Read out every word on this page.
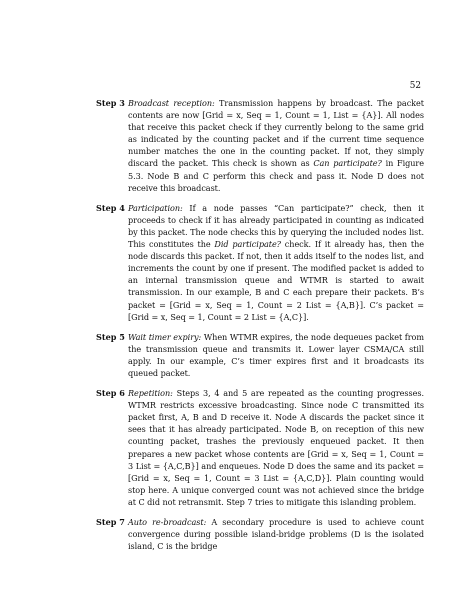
52
Step 3 Broadcast reception: Transmission happens by broadcast. The packet contents are now [Grid = x, Seq = 1, Count = 1, List = {A}]. All nodes that receive this packet check if they currently belong to the same grid as indicated by the counting packet and if the current time sequence number matches the one in the counting packet. If not, they simply discard the packet. This check is shown as Can participate? in Figure 5.3. Node B and C perform this check and pass it. Node D does not receive this broadcast.
Step 4 Participation: If a node passes “Can participate?” check, then it proceeds to check if it has already participated in counting as indicated by this packet. The node checks this by querying the included nodes list. This constitutes the Did participate? check. If it already has, then the node discards this packet. If not, then it adds itself to the nodes list, and increments the count by one if present. The modified packet is added to an internal transmission queue and WTMR is started to await transmission. In our example, B and C each prepare their packets. B’s packet = [Grid = x, Seq = 1, Count = 2 List = {A,B}]. C’s packet = [Grid = x, Seq = 1, Count = 2 List = {A,C}].
Step 5 Wait timer expiry: When WTMR expires, the node dequeues packet from the transmission queue and transmits it. Lower layer CSMA/CA still apply. In our example, C’s timer expires first and it broadcasts its queued packet.
Step 6 Repetition: Steps 3, 4 and 5 are repeated as the counting progresses. WTMR restricts excessive broadcasting. Since node C transmitted its packet first, A, B and D receive it. Node A discards the packet since it sees that it has already participated. Node B, on reception of this new counting packet, trashes the previously enqueued packet. It then prepares a new packet whose contents are [Grid = x, Seq = 1, Count = 3 List = {A,C,B}] and enqueues. Node D does the same and its packet = [Grid = x, Seq = 1, Count = 3 List = {A,C,D}]. Plain counting would stop here. A unique converged count was not achieved since the bridge at C did not retransmit. Step 7 tries to mitigate this islanding problem.
Step 7 Auto re-broadcast: A secondary procedure is used to achieve count convergence during possible island-bridge problems (D is the isolated island, C is the bridge
